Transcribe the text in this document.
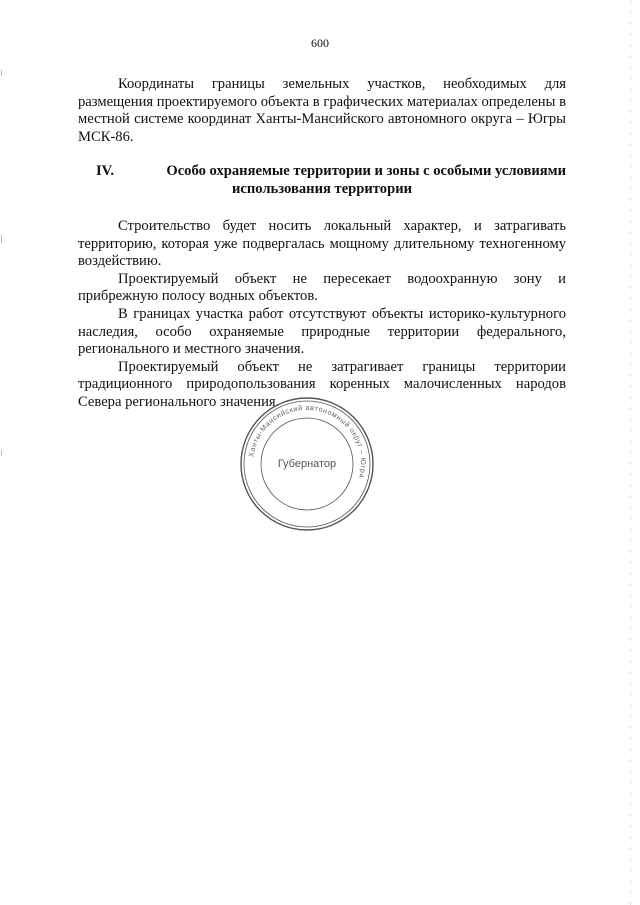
600

Координаты границы земельных участков, необходимых для размещения проектируемого объекта в графических материалах определены в местной системе координат Ханты-Мансийского автономного округа – Югры МСК-86.

IV.	Особо охраняемые территории и зоны с особыми условиями
использования территории

Строительство будет носить локальный характер, и затрагивать территорию, которая уже подвергалась мощному длительному техногенному воздействию.

Проектируемый объект не пересекает водоохранную зону и прибрежную полосу водных объектов.

В границах участка работ отсутствуют объекты историко-культурного наследия, особо охраняемые природные территории федерального, регионального и местного значения.

Проектируемый объект не затрагивает границы территории традиционного природопользования коренных малочисленных народов Севера регионального значения.

Ханты-Мансийский автономный округ – Югра
Губернатор
